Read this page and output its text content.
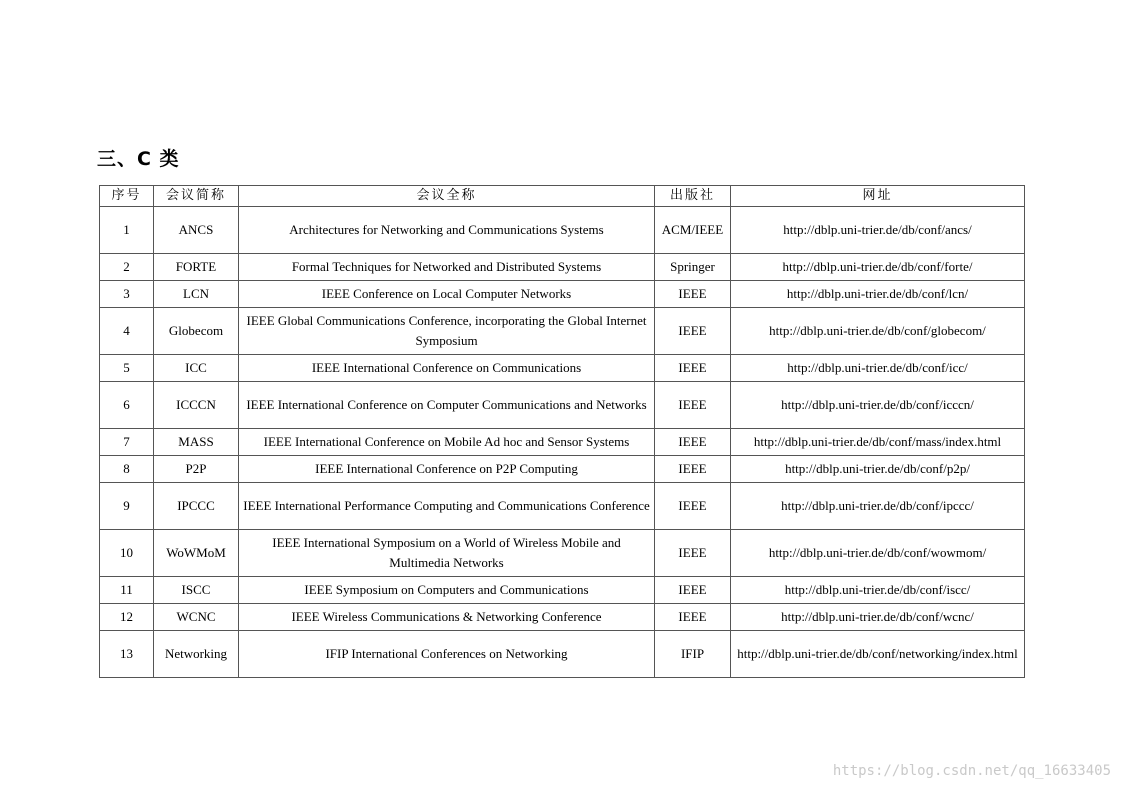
三、C 类
序号	会议简称	会议全称	出版社	网址
1	ANCS	Architectures for Networking and Communications Systems	ACM/IEEE	http://dblp.uni-trier.de/db/conf/ancs/
2	FORTE	Formal Techniques for Networked and Distributed Systems	Springer	http://dblp.uni-trier.de/db/conf/forte/
3	LCN	IEEE Conference on Local Computer Networks	IEEE	http://dblp.uni-trier.de/db/conf/lcn/
4	Globecom	IEEE Global Communications Conference, incorporating the Global Internet Symposium	IEEE	http://dblp.uni-trier.de/db/conf/globecom/
5	ICC	IEEE International Conference on Communications	IEEE	http://dblp.uni-trier.de/db/conf/icc/
6	ICCCN	IEEE International Conference on Computer Communications and Networks	IEEE	http://dblp.uni-trier.de/db/conf/icccn/
7	MASS	IEEE International Conference on Mobile Ad hoc and Sensor Systems	IEEE	http://dblp.uni-trier.de/db/conf/mass/index.html
8	P2P	IEEE International Conference on P2P Computing	IEEE	http://dblp.uni-trier.de/db/conf/p2p/
9	IPCCC	IEEE International Performance Computing and Communications Conference	IEEE	http://dblp.uni-trier.de/db/conf/ipccc/
10	WoWMoM	IEEE International Symposium on a World of Wireless Mobile and Multimedia Networks	IEEE	http://dblp.uni-trier.de/db/conf/wowmom/
11	ISCC	IEEE Symposium on Computers and Communications	IEEE	http://dblp.uni-trier.de/db/conf/iscc/
12	WCNC	IEEE Wireless Communications & Networking Conference	IEEE	http://dblp.uni-trier.de/db/conf/wcnc/
13	Networking	IFIP International Conferences on Networking	IFIP	http://dblp.uni-trier.de/db/conf/networking/index.html
https://blog.csdn.net/qq_16633405
